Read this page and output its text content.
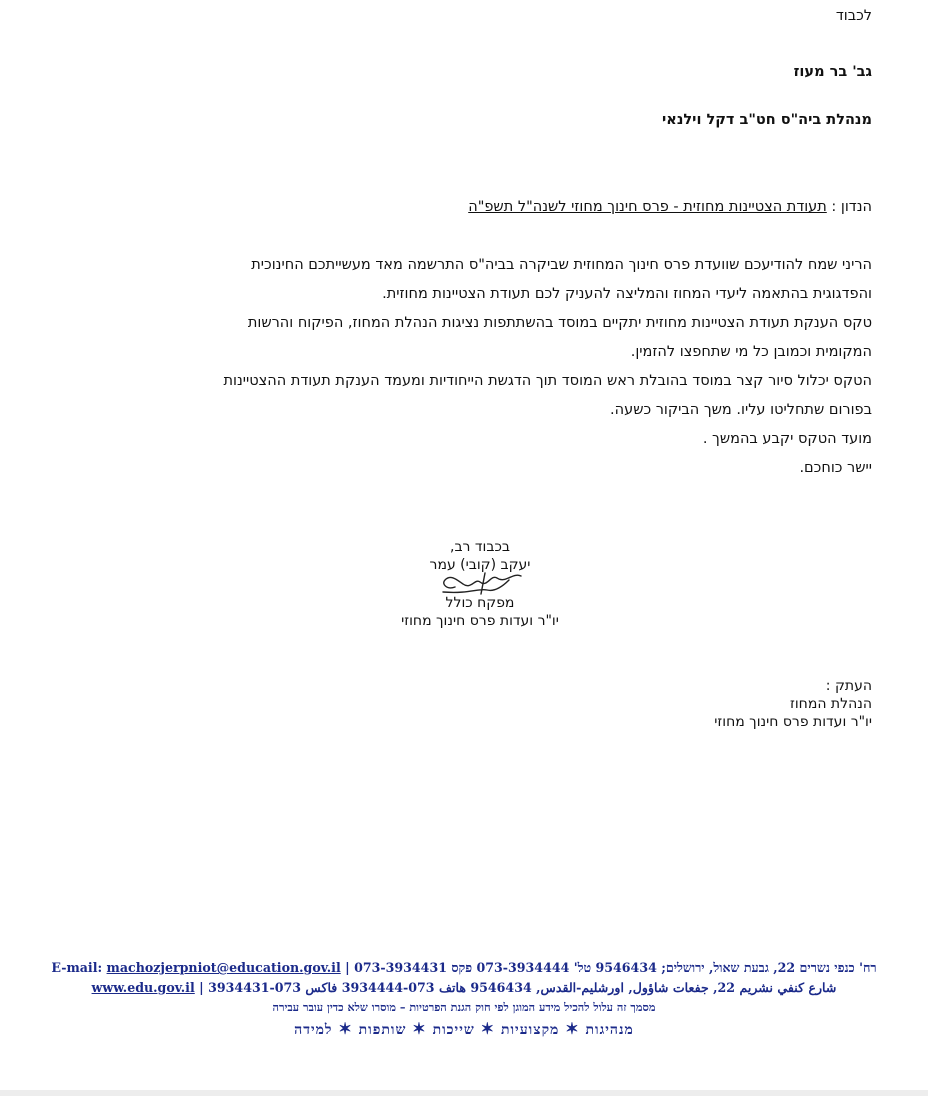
לכבוד
גב' בר מעוז
מנהלת ביה"ס חט"ב דקל וילנאי
הנדון : תעודת הצטיינות מחוזית - פרס חינוך מחוזי לשנה"ל תשפ"ה
הריני שמח להודיעכם שוועדת פרס חינוך המחוזית שביקרה בביה"ס התרשמה מאד מעשייתכם החינוכית
והפדגוגית בהתאמה ליעדי המחוז והמליצה להעניק לכם תעודת הצטיינות מחוזית.
טקס הענקת תעודת הצטיינות מחוזית יתקיים במוסד בהשתתפות נציגות הנהלת המחוז, הפיקוח והרשות
המקומית וכמובן כל מי שתחפצו להזמין.
הטקס יכלול סיור קצר במוסד בהובלת ראש המוסד תוך הדגשת הייחודיות ומעמד הענקת תעודת ההצטיינות
בפורום שתחליטו עליו. משך הביקור כשעה.
מועד הטקס יקבע בהמשך .
יישר כוחכם.
בכבוד רב,
יעקב (קובי) עמר
מפקח כולל
יו"ר ועדות פרס חינוך מחוזי
העתק :
הנהלת המחוז
יו"ר ועדות פרס חינוך מחוזי
רח' כנפי נשרים 22, גבעת שאול, ירושלים; 9546434 טל' 073-3934444 פקס 073-3934431 | E-mail: machozjerpniot@education.gov.il
شارع كنفي نشريم 22, جفعات شاؤول, اورشليم-القدس, 9546434 هاتف 073-3934444 فاكس 073-3934431 | www.edu.gov.il
מסמך זה עלול להכיל מידע המוגן לפי חוק הגנת הפרטיות – מוסרו שלא כדין עובר עבירה
מנהיגות ✶ מקצועיות ✶ שייכות ✶ שותפות ✶ למידה
